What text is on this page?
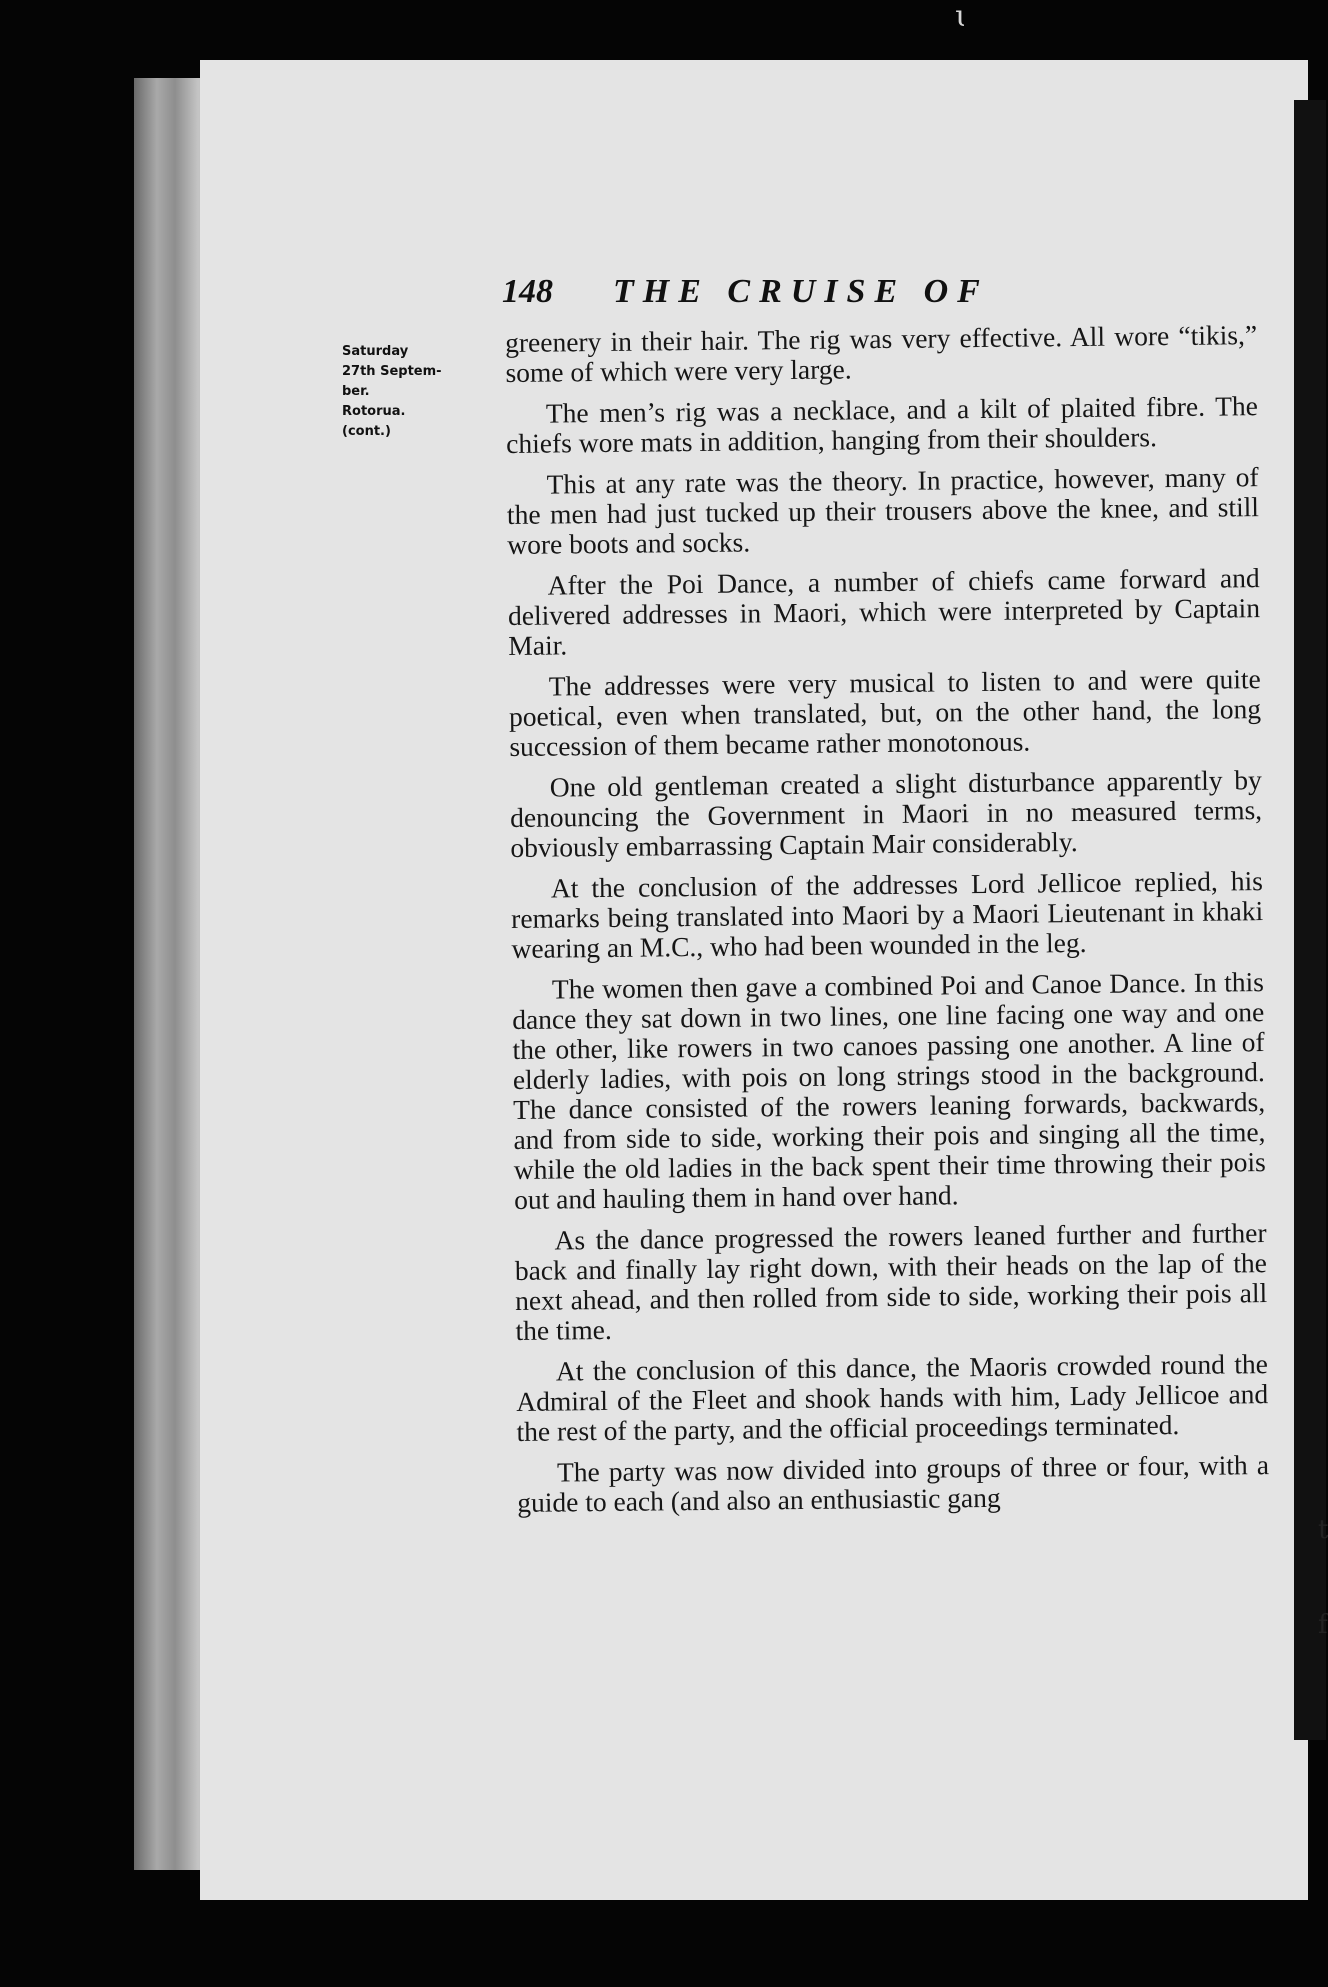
ɩ
t
f
148 THE CRUISE OF
Saturday
27th Septem-
ber.
Rotorua.
(cont.)

greenery in their hair. The rig was very effective. All wore “tikis,” some of which were very large.

The men’s rig was a necklace, and a kilt of plaited fibre. The chiefs wore mats in addition, hanging from their shoulders.

This at any rate was the theory. In practice, however, many of the men had just tucked up their trousers above the knee, and still wore boots and socks.

After the Poi Dance, a number of chiefs came forward and delivered addresses in Maori, which were interpreted by Captain Mair.

The addresses were very musical to listen to and were quite poetical, even when translated, but, on the other hand, the long succession of them became rather monotonous.

One old gentleman created a slight disturbance apparently by denouncing the Government in Maori in no measured terms, obviously embarrassing Captain Mair considerably.

At the conclusion of the addresses Lord Jellicoe replied, his remarks being translated into Maori by a Maori Lieutenant in khaki wearing an M.C., who had been wounded in the leg.

The women then gave a combined Poi and Canoe Dance. In this dance they sat down in two lines, one line facing one way and one the other, like rowers in two canoes passing one another. A line of elderly ladies, with pois on long strings stood in the background. The dance consisted of the rowers leaning forwards, backwards, and from side to side, working their pois and singing all the time, while the old ladies in the back spent their time throwing their pois out and hauling them in hand over hand.

As the dance progressed the rowers leaned further and further back and finally lay right down, with their heads on the lap of the next ahead, and then rolled from side to side, working their pois all the time.

At the conclusion of this dance, the Maoris crowded round the Admiral of the Fleet and shook hands with him, Lady Jellicoe and the rest of the party, and the official proceedings terminated.

The party was now divided into groups of three or four, with a guide to each (and also an enthusiastic gang
